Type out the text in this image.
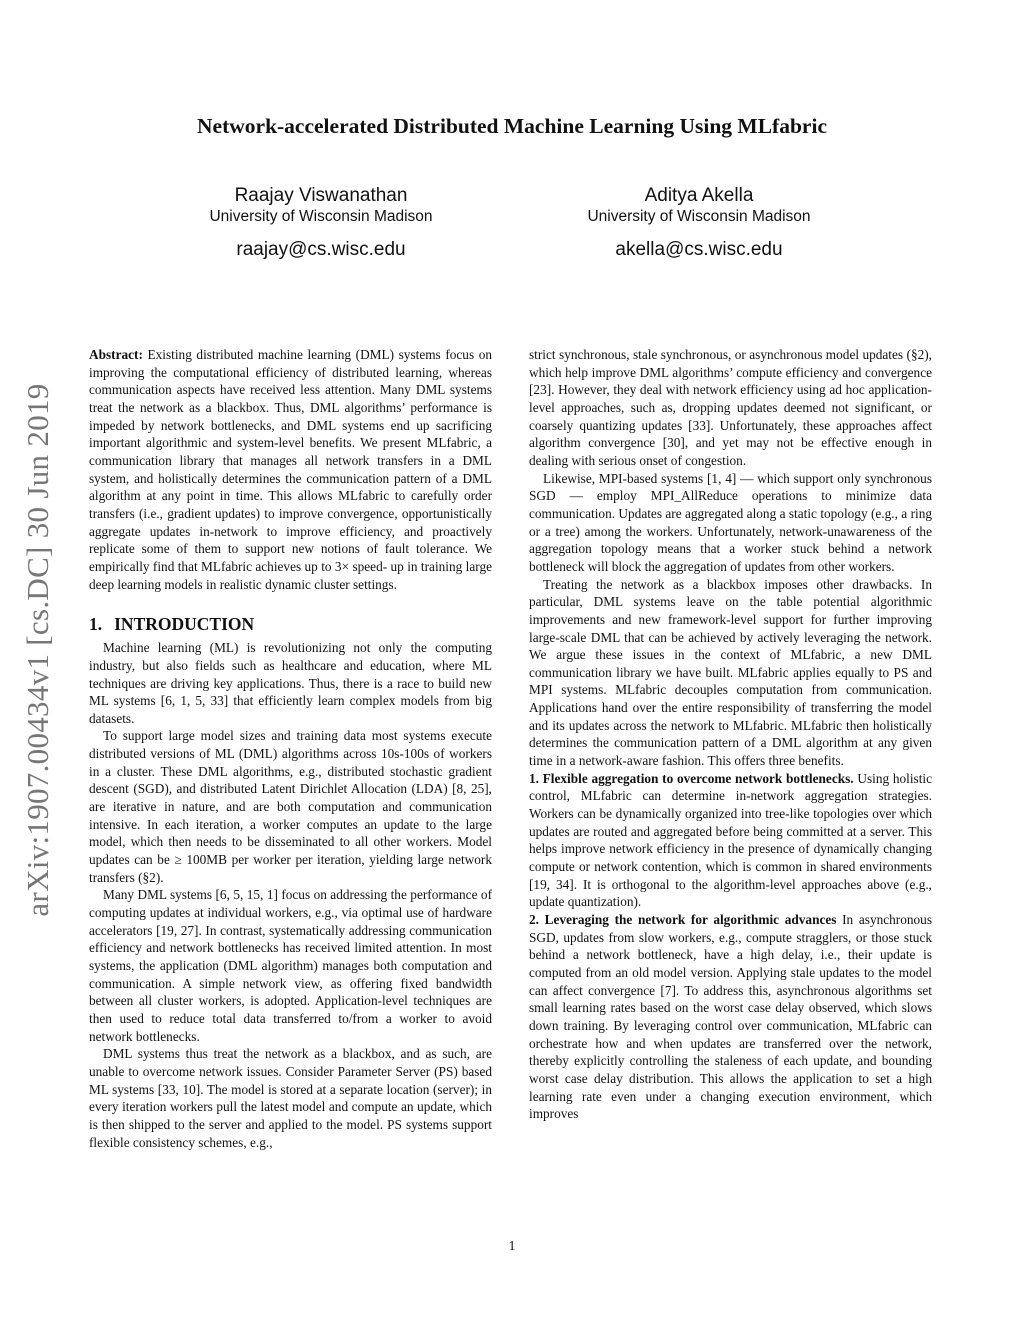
arXiv:1907.00434v1 [cs.DC] 30 Jun 2019
Network-accelerated Distributed Machine Learning Using MLfabric
Raajay Viswanathan
University of Wisconsin Madison
raajay@cs.wisc.edu
Aditya Akella
University of Wisconsin Madison
akella@cs.wisc.edu

Abstract: Existing distributed machine learning (DML) systems focus on improving the computational efficiency of distributed learning, whereas communication aspects have received less attention. Many DML systems treat the network as a blackbox. Thus, DML algorithms’ performance is impeded by network bottlenecks, and DML systems end up sacrificing important algorithmic and system-level benefits. We present MLfabric, a communication library that manages all network transfers in a DML system, and holistically determines the communication pattern of a DML algorithm at any point in time. This allows MLfabric to carefully order transfers (i.e., gradient updates) to improve convergence, opportunistically aggregate updates in-network to improve efficiency, and proactively replicate some of them to support new notions of fault tolerance. We empirically find that MLfabric achieves up to 3× speed- up in training large deep learning models in realistic dynamic cluster settings.

1. INTRODUCTION

Machine learning (ML) is revolutionizing not only the computing industry, but also fields such as healthcare and education, where ML techniques are driving key applications. Thus, there is a race to build new ML systems [6, 1, 5, 33] that efficiently learn complex models from big datasets.

To support large model sizes and training data most systems execute distributed versions of ML (DML) algorithms across 10s-100s of workers in a cluster. These DML algorithms, e.g., distributed stochastic gradient descent (SGD), and distributed Latent Dirichlet Allocation (LDA) [8, 25], are iterative in nature, and are both computation and communication intensive. In each iteration, a worker computes an update to the large model, which then needs to be disseminated to all other workers. Model updates can be ≥ 100MB per worker per iteration, yielding large network transfers (§2).

Many DML systems [6, 5, 15, 1] focus on addressing the performance of computing updates at individual workers, e.g., via optimal use of hardware accelerators [19, 27]. In contrast, systematically addressing communication efficiency and network bottlenecks has received limited attention. In most systems, the application (DML algorithm) manages both computation and communication. A simple network view, as offering fixed bandwidth between all cluster workers, is adopted. Application-level techniques are then used to reduce total data transferred to/from a worker to avoid network bottlenecks.

DML systems thus treat the network as a blackbox, and as such, are unable to overcome network issues. Consider Parameter Server (PS) based ML systems [33, 10]. The model is stored at a separate location (server); in every iteration workers pull the latest model and compute an update, which is then shipped to the server and applied to the model. PS systems support flexible consistency schemes, e.g.,

strict synchronous, stale synchronous, or asynchronous model updates (§2), which help improve DML algorithms’ compute efficiency and convergence [23]. However, they deal with network efficiency using ad hoc application-level approaches, such as, dropping updates deemed not significant, or coarsely quantizing updates [33]. Unfortunately, these approaches affect algorithm convergence [30], and yet may not be effective enough in dealing with serious onset of congestion.

Likewise, MPI-based systems [1, 4] — which support only synchronous SGD — employ MPI_AllReduce operations to minimize data communication. Updates are aggregated along a static topology (e.g., a ring or a tree) among the workers. Unfortunately, network-unawareness of the aggregation topology means that a worker stuck behind a network bottleneck will block the aggregation of updates from other workers.

Treating the network as a blackbox imposes other drawbacks. In particular, DML systems leave on the table potential algorithmic improvements and new framework-level support for further improving large-scale DML that can be achieved by actively leveraging the network. We argue these issues in the context of MLfabric, a new DML communication library we have built. MLfabric applies equally to PS and MPI systems. MLfabric decouples computation from communication. Applications hand over the entire responsibility of transferring the model and its updates across the network to MLfabric. MLfabric then holistically determines the communication pattern of a DML algorithm at any given time in a network-aware fashion. This offers three benefits.

1. Flexible aggregation to overcome network bottlenecks. Using holistic control, MLfabric can determine in-network aggregation strategies. Workers can be dynamically organized into tree-like topologies over which updates are routed and aggregated before being committed at a server. This helps improve network efficiency in the presence of dynamically changing compute or network contention, which is common in shared environments [19, 34]. It is orthogonal to the algorithm-level approaches above (e.g., update quantization).

2. Leveraging the network for algorithmic advances In asynchronous SGD, updates from slow workers, e.g., compute stragglers, or those stuck behind a network bottleneck, have a high delay, i.e., their update is computed from an old model version. Applying stale updates to the model can affect convergence [7]. To address this, asynchronous algorithms set small learning rates based on the worst case delay observed, which slows down training. By leveraging control over communication, MLfabric can orchestrate how and when updates are transferred over the network, thereby explicitly controlling the staleness of each update, and bounding worst case delay distribution. This allows the application to set a high learning rate even under a changing execution environment, which improves

1
